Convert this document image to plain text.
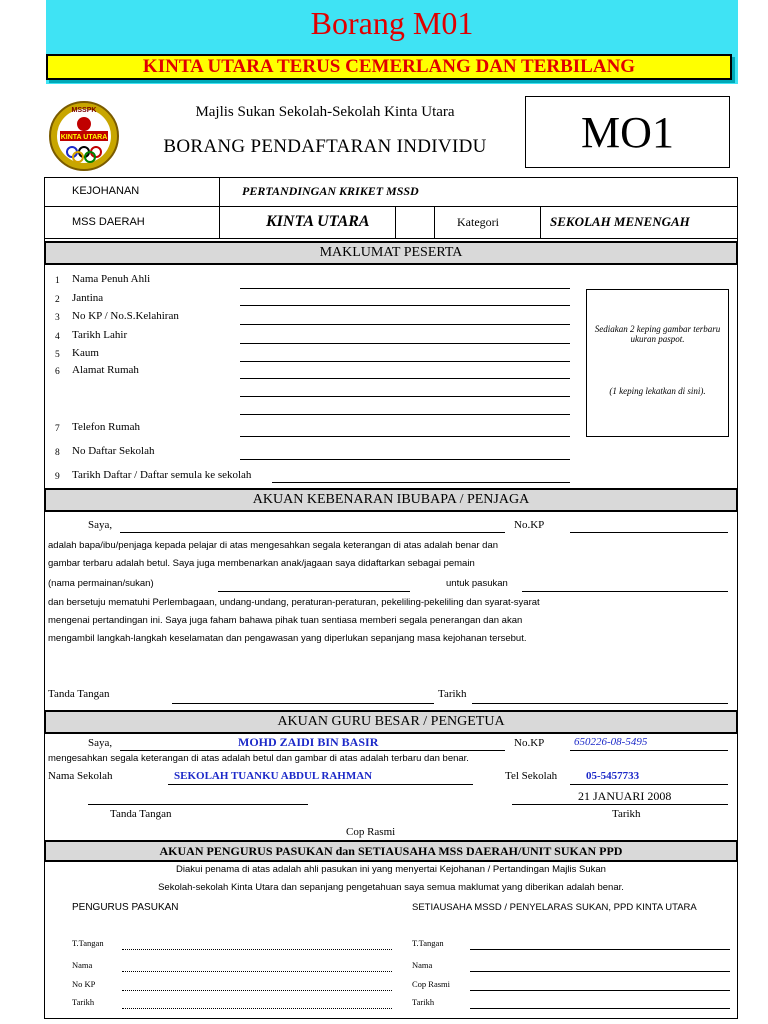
Borang M01
KINTA UTARA TERUS CEMERLANG DAN TERBILANG
MSSPK
KINTA UTARA
Majlis Sukan Sekolah-Sekolah Kinta Utara
BORANG PENDAFTARAN INDIVIDU	MO1
KEJOHANAN	PERTANDINGAN KRIKET MSSD
MSS DAERAH	KINTA UTARA	Kategori	SEKOLAH MENENGAH
MAKLUMAT PESERTA
1 Nama Penuh Ahli
2 Jantina
3 No KP / No.S.Kelahiran
4 Tarikh Lahir
5 Kaum
6 Alamat Rumah
7 Telefon Rumah
8 No Daftar Sekolah
9 Tarikh Daftar / Daftar semula ke sekolah
Sediakan 2 keping gambar terbaru ukuran paspot.
(1 keping lekatkan di sini).
AKUAN KEBENARAN IBUBAPA / PENJAGA
Saya,	No.KP
adalah bapa/ibu/penjaga kepada pelajar di atas mengesahkan segala keterangan di atas adalah benar dan
gambar terbaru adalah betul. Saya juga membenarkan anak/jagaan saya didaftarkan sebagai pemain
(nama permainan/sukan)	untuk pasukan
dan bersetuju mematuhi Perlembagaan, undang-undang, peraturan-peraturan, pekeliling-pekeliling dan syarat-syarat
mengenai pertandingan ini. Saya juga faham bahawa pihak tuan sentiasa memberi segala penerangan dan akan
mengambil langkah-langkah keselamatan dan pengawasan yang diperlukan sepanjang masa kejohanan tersebut.
Tanda Tangan	Tarikh
AKUAN GURU BESAR / PENGETUA
Saya,	MOHD ZAIDI BIN BASIR	No.KP	650226-08-5495
mengesahkan segala keterangan di atas adalah betul dan gambar di atas adalah terbaru dan benar.
Nama Sekolah	SEKOLAH TUANKU ABDUL RAHMAN	Tel Sekolah	05-5457733
21 JANUARI 2008
Tanda Tangan	Tarikh
Cop Rasmi
AKUAN PENGURUS PASUKAN dan SETIAUSAHA MSS DAERAH/UNIT SUKAN PPD
Diakui penama di atas adalah ahli pasukan ini yang menyertai Kejohanan / Pertandingan Majlis Sukan
Sekolah-sekolah Kinta Utara dan sepanjang pengetahuan saya semua maklumat yang diberikan adalah benar.
PENGURUS PASUKAN	SETIAUSAHA MSSD / PENYELARAS SUKAN, PPD KINTA UTARA
T.Tangan
Nama
No KP
Tarikh
T.Tangan
Nama
Cop Rasmi
Tarikh
